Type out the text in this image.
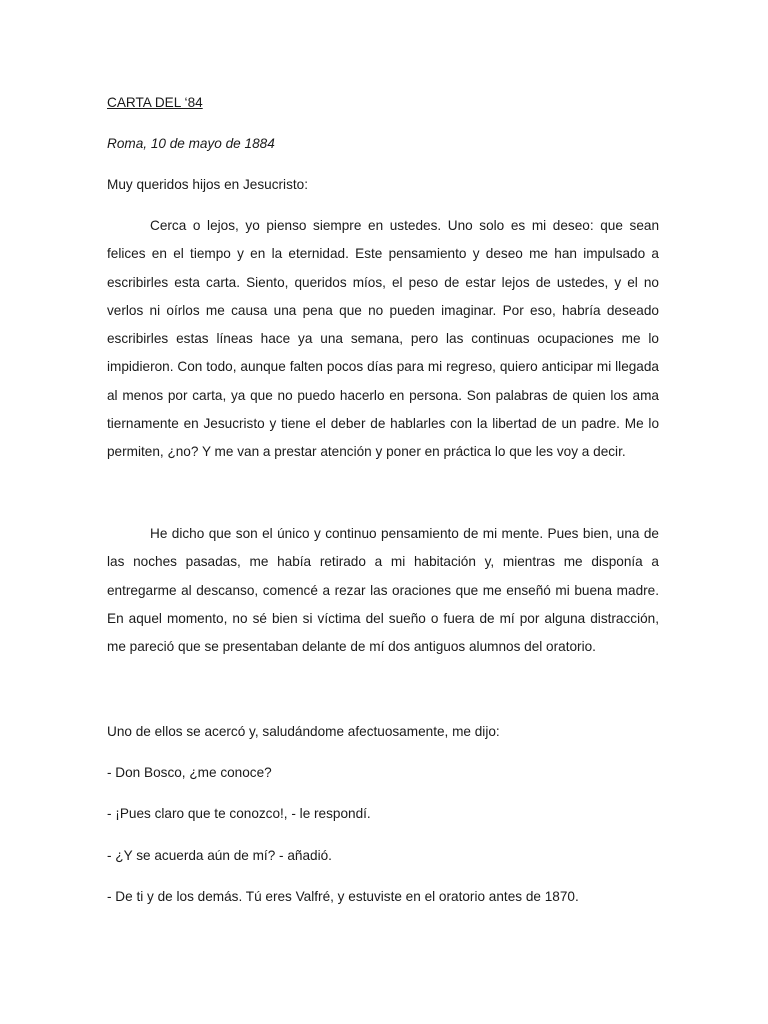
CARTA DEL ‘84
Roma, 10 de mayo de 1884
Muy queridos hijos en Jesucristo:
Cerca o lejos, yo pienso siempre en ustedes. Uno solo es mi deseo: que sean felices en el tiempo y en la eternidad. Este pensamiento y deseo me han impulsado a escribirles esta carta. Siento, queridos míos, el peso de estar lejos de ustedes, y el no verlos ni oírlos me causa una pena que no pueden imaginar. Por eso, habría deseado escribirles estas líneas hace ya una semana, pero las continuas ocupaciones me lo impidieron. Con todo, aunque falten pocos días para mi regreso, quiero anticipar mi llegada al menos por carta, ya que no puedo hacerlo en persona. Son palabras de quien los ama tiernamente en Jesucristo y tiene el deber de hablarles con la libertad de un padre. Me lo permiten, ¿no? Y me van a prestar atención y poner en práctica lo que les voy a decir.
He dicho que son el único y continuo pensamiento de mi mente. Pues bien, una de las noches pasadas, me había retirado a mi habitación y, mientras me disponía a entregarme al descanso, comencé a rezar las oraciones que me enseñó mi buena madre. En aquel momento, no sé bien si víctima del sueño o fuera de mí por alguna distracción, me pareció que se presentaban delante de mí dos antiguos alumnos del oratorio.
Uno de ellos se acercó y, saludándome afectuosamente, me dijo:
- Don Bosco, ¿me conoce?
- ¡Pues claro que te conozco!, - le respondí.
- ¿Y se acuerda aún de mí? - añadió.
- De ti y de los demás. Tú eres Valfré, y estuviste en el oratorio antes de 1870.
